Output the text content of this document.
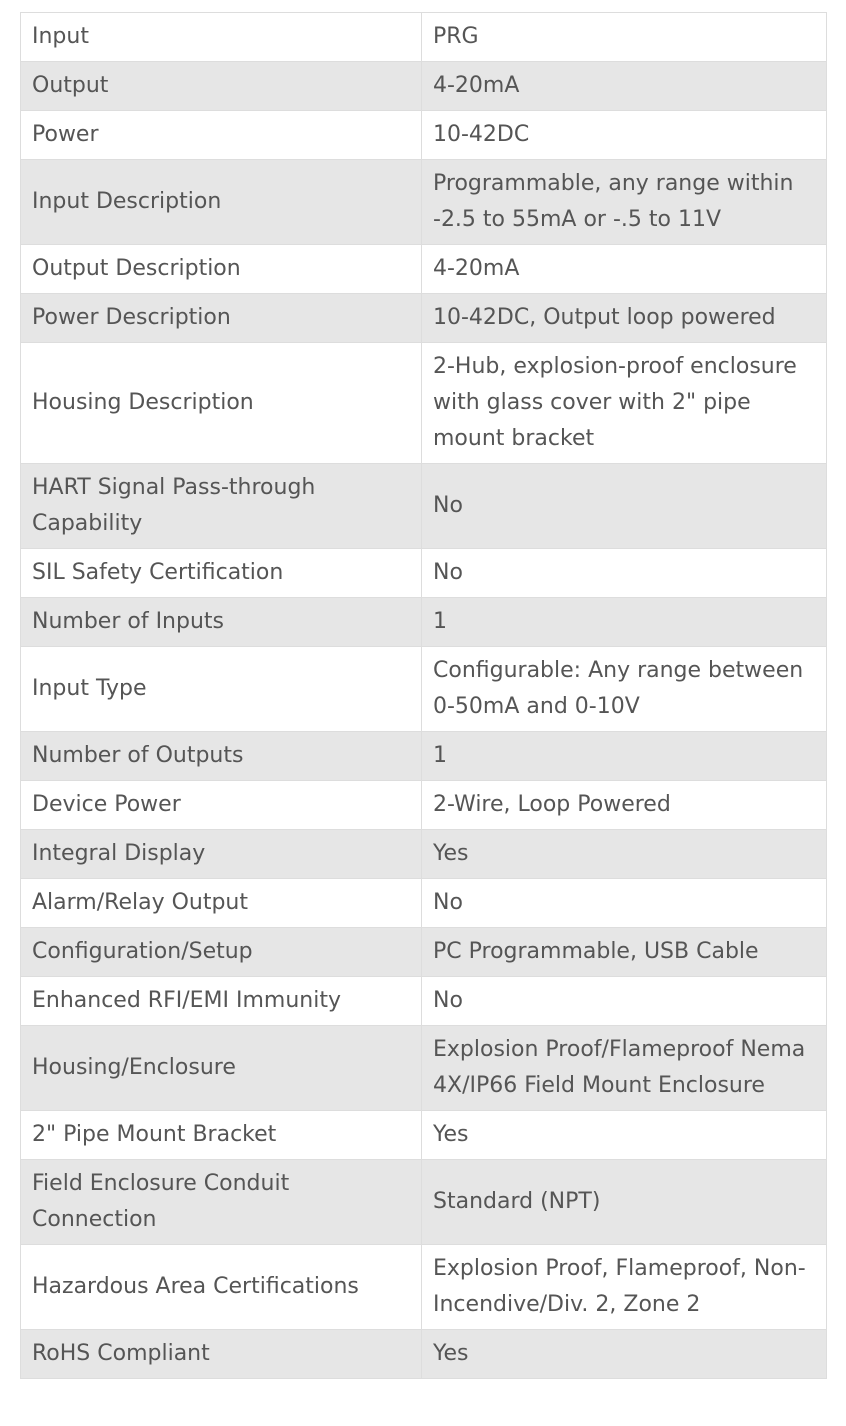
Input	PRG
Output	4-20mA
Power	10-42DC
Input Description	Programmable, any range within -2.5 to 55mA or -.5 to 11V
Output Description	4-20mA
Power Description	10-42DC, Output loop powered
Housing Description	2-Hub, explosion-proof enclosure with glass cover with 2" pipe mount bracket
HART Signal Pass-through Capability	No
SIL Safety Certification	No
Number of Inputs	1
Input Type	Configurable: Any range between 0-50mA and 0-10V
Number of Outputs	1
Device Power	2-Wire, Loop Powered
Integral Display	Yes
Alarm/Relay Output	No
Configuration/Setup	PC Programmable, USB Cable
Enhanced RFI/EMI Immunity	No
Housing/Enclosure	Explosion Proof/Flameproof Nema 4X/IP66 Field Mount Enclosure
2" Pipe Mount Bracket	Yes
Field Enclosure Conduit Connection	Standard (NPT)
Hazardous Area Certifications	Explosion Proof, Flameproof, Non-Incendive/Div. 2, Zone 2
RoHS Compliant	Yes
